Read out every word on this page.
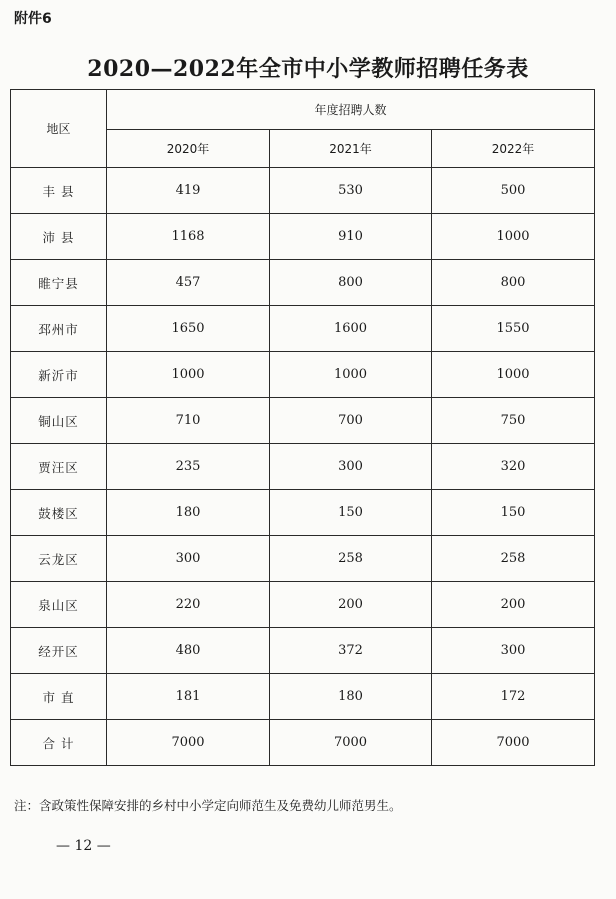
附件6
2020—2022年全市中小学教师招聘任务表
地区	年度招聘人数		
	2020年	2021年	2022年
丰 县	419	530	500
沛 县	1168	910	1000
睢宁县	457	800	800
邳州市	1650	1600	1550
新沂市	1000	1000	1000
铜山区	710	700	750
贾汪区	235	300	320
鼓楼区	180	150	150
云龙区	300	258	258
泉山区	220	200	200
经开区	480	372	300
市 直	181	180	172
合 计	7000	7000	7000
注：含政策性保障安排的乡村中小学定向师范生及免费幼儿师范男生。
— 12 —
